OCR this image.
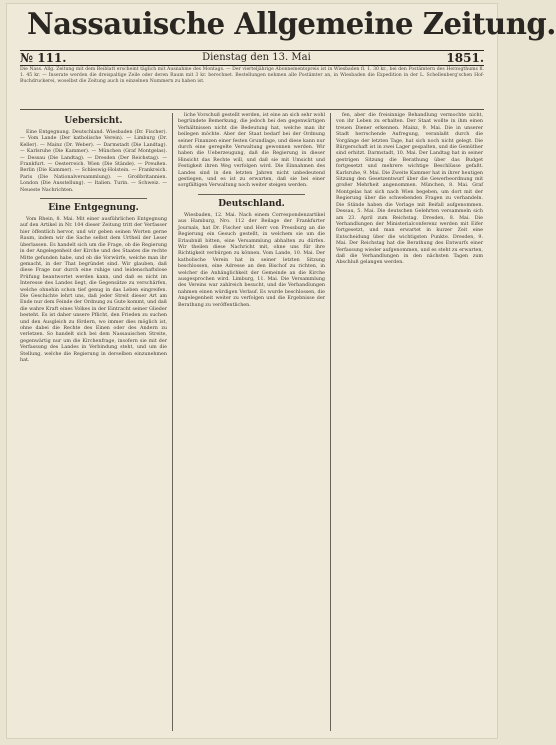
Nassauische Allgemeine Zeitung.
№ 111.	Dienstag den 13. Mai	1851.
Die Nass. Allg. Zeitung mit dem Beiblatt erscheint täglich mit Ausnahme des Montags. — Der vierteljährige Abonnementspreis ist in Wiesbaden fl. 1. 30 kr., bei den Postämtern des Herzogthums fl. 1. 45 kr. — Inserate werden die dreispaltige Zeile oder deren Raum mit 3 kr. berechnet. Bestellungen nehmen alle Postämter an, in Wiesbaden die Expedition in der L. Schellenberg'schen Hof-Buchdruckerei, woselbst die Zeitung auch in einzelnen Nummern zu haben ist.
Uebersicht.

Eine Entgegnung. Deutschland. Wiesbaden (Dr. Fischer). — Vom Lande (Der katholische Verein). — Limburg (Dr. Keller). — Mainz (Dr. Weber). — Darmstadt (Die Landtag). — Karlsruhe (Die Kammer). — München (Graf Montgelas). — Dessau (Die Landtag). — Dresden (Der Reichstag). — Frankfurt. — Oesterreich. Wien (Die Stände). — Preußen. Berlin (Die Kammer). — Schleswig-Holstein. — Frankreich. Paris (Die Nationalversammlung). — Großbritannien. London (Die Ausstellung). — Italien. Turin. — Schweiz. — Neueste Nachrichten.

Eine Entgegnung.

Vom Rhein, 8. Mai. Mit einer ausführlichen Entgegnung auf den Artikel in Nr. 104 dieser Zeitung tritt der Verfasser hier öffentlich hervor, und wir geben seinen Worten gerne Raum, indem wir die Sache selbst dem Urtheil der Leser überlassen. Es handelt sich um die Frage, ob die Regierung in der Angelegenheit der Kirche und des Staates die rechte Mitte gefunden habe, und ob die Vorwürfe, welche man ihr gemacht, in der That begründet sind. Wir glauben, daß diese Frage nur durch eine ruhige und leidenschaftslose Prüfung beantwortet werden kann, und daß es nicht im Interesse des Landes liegt, die Gegensätze zu verschärfen, welche ohnehin schon tief genug in das Leben eingreifen. Die Geschichte lehrt uns, daß jeder Streit dieser Art am Ende nur dem Feinde der Ordnung zu Gute kommt, und daß die wahre Kraft eines Volkes in der Eintracht seiner Glieder besteht. Es ist daher unsere Pflicht, den Frieden zu suchen und den Ausgleich zu fördern, wo immer dies möglich ist, ohne dabei die Rechte des Einen oder des Andern zu verletzen. So handelt sich bei dem Nassauischen Streite, gegenwärtig nur um die Kirchenfrage, insofern sie mit der Verfassung des Landes in Verbindung steht, und um die Stellung, welche die Regierung in derselben einzunehmen hat.

liche Vorschuß gestellt werden, ist eine an sich sehr wohl begründete Bemerkung, die jedoch bei den gegenwärtigen Verhältnissen nicht die Bedeutung hat, welche man ihr beilegen möchte. Aber der Staat bedarf bei der Ordnung seiner Finanzen einer festen Grundlage, und diese kann nur durch eine geregelte Verwaltung gewonnen werden. Wir haben die Ueberzeugung, daß die Regierung in dieser Hinsicht das Rechte will, und daß sie mit Umsicht und Festigkeit ihren Weg verfolgen wird. Die Einnahmen des Landes sind in den letzten Jahren nicht unbedeutend gestiegen, und es ist zu erwarten, daß sie bei einer sorgfältigen Verwaltung noch weiter steigen werden.

Deutschland.

Wiesbaden, 12. Mai. Nach einem Correspondenzartikel aus Hamburg, Nro. 112 der Beilage der Frankfurter Journals, hat Dr. Fischer und Herr von Pressburg an die Regierung ein Gesuch gestellt, in welchem sie um die Erlaubniß bitten, eine Versammlung abhalten zu dürfen. Wir theilen diese Nachricht mit, ohne uns für ihre Richtigkeit verbürgen zu können. Vom Lande, 10. Mai. Der katholische Verein hat in seiner letzten Sitzung beschlossen, eine Adresse an den Bischof zu richten, in welcher die Anhänglichkeit der Gemeinde an die Kirche ausgesprochen wird. Limburg, 11. Mai. Die Versammlung des Vereins war zahlreich besucht, und die Verhandlungen nahmen einen würdigen Verlauf. Es wurde beschlossen, die Angelegenheit weiter zu verfolgen und die Ergebnisse der Berathung zu veröffentlichen.

fen, aber die freisinnige Behandlung vermochte nicht, von ihr Leben zu erhalten. Der Staat wollte in ihm einen treuen Diener erkennen. Mainz, 9. Mai. Die in unserer Stadt herrschende Aufregung, veranlaßt durch die Vorgänge der letzten Tage, hat sich noch nicht gelegt. Die Bürgerschaft ist in zwei Lager gespalten, und die Gemüther sind erhitzt. Darmstadt, 10. Mai. Der Landtag hat in seiner gestrigen Sitzung die Berathung über das Budget fortgesetzt und mehrere wichtige Beschlüsse gefaßt. Karlsruhe, 9. Mai. Die Zweite Kammer hat in ihrer heutigen Sitzung den Gesetzentwurf über die Gewerbeordnung mit großer Mehrheit angenommen. München, 8. Mai. Graf Montgelas hat sich nach Wien begeben, um dort mit der Regierung über die schwebenden Fragen zu verhandeln. Die Stände haben die Vorlage mit Beifall aufgenommen. Dessau, 5. Mai. Die deutschen Gelehrten versammeln sich am 23. April zum Reichstag. Dresden, 8. Mai. Die Verhandlungen der Ministerialconferenz werden mit Eifer fortgesetzt, und man erwartet in kurzer Zeit eine Entscheidung über die wichtigsten Punkte. Dresden, 9. Mai. Der Reichstag hat die Berathung des Entwurfs einer Verfassung wieder aufgenommen, und es steht zu erwarten, daß die Verhandlungen in den nächsten Tagen zum Abschluß gelangen werden.
